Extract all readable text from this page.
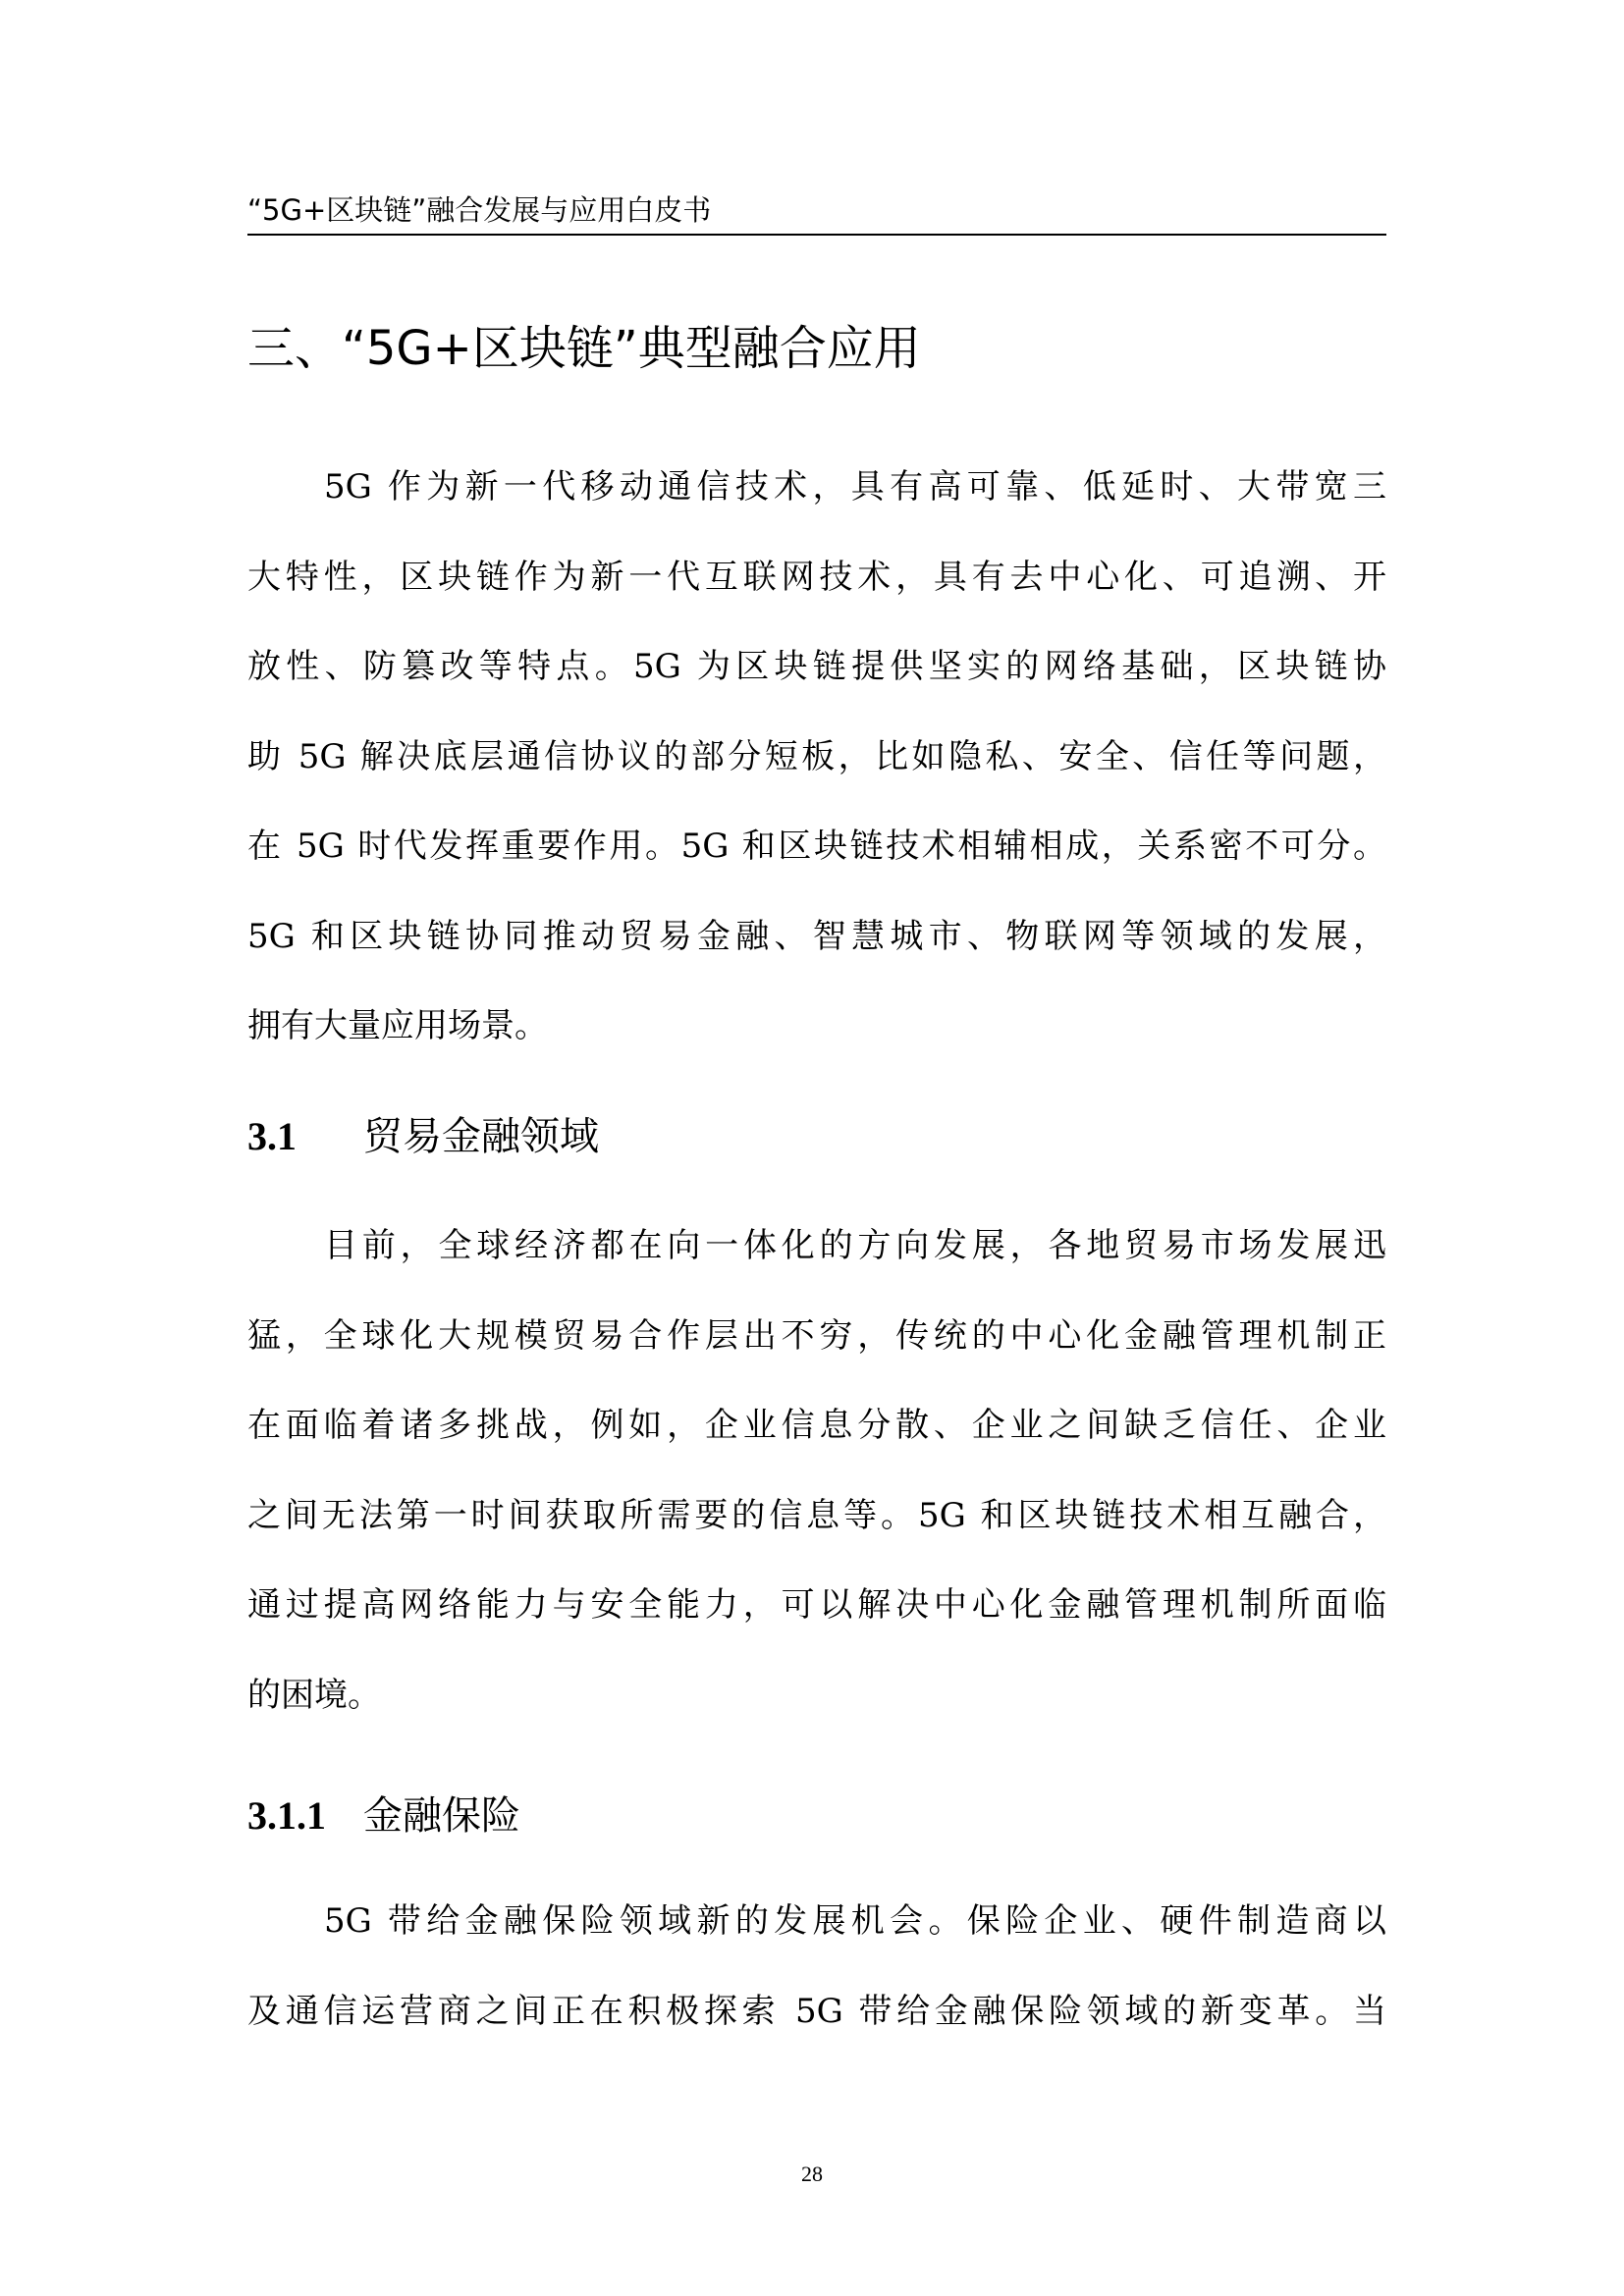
“5G+区块链”融合发展与应用白皮书
三、“5G+区块链”典型融合应用
5G 作为新一代移动通信技术，具有高可靠、低延时、大带宽三
大特性，区块链作为新一代互联网技术，具有去中心化、可追溯、开
放性、防篡改等特点。5G 为区块链提供坚实的网络基础，区块链协
助 5G 解决底层通信协议的部分短板，比如隐私、安全、信任等问题，
在 5G 时代发挥重要作用。5G 和区块链技术相辅相成，关系密不可分。
5G 和区块链协同推动贸易金融、智慧城市、物联网等领域的发展，
拥有大量应用场景。
3.1 贸易金融领域
目前，全球经济都在向一体化的方向发展，各地贸易市场发展迅
猛，全球化大规模贸易合作层出不穷，传统的中心化金融管理机制正
在面临着诸多挑战，例如，企业信息分散、企业之间缺乏信任、企业
之间无法第一时间获取所需要的信息等。5G 和区块链技术相互融合，
通过提高网络能力与安全能力，可以解决中心化金融管理机制所面临
的困境。
3.1.1 金融保险
5G 带给金融保险领域新的发展机会。保险企业、硬件制造商以
及通信运营商之间正在积极探索 5G 带给金融保险领域的新变革。当
28
